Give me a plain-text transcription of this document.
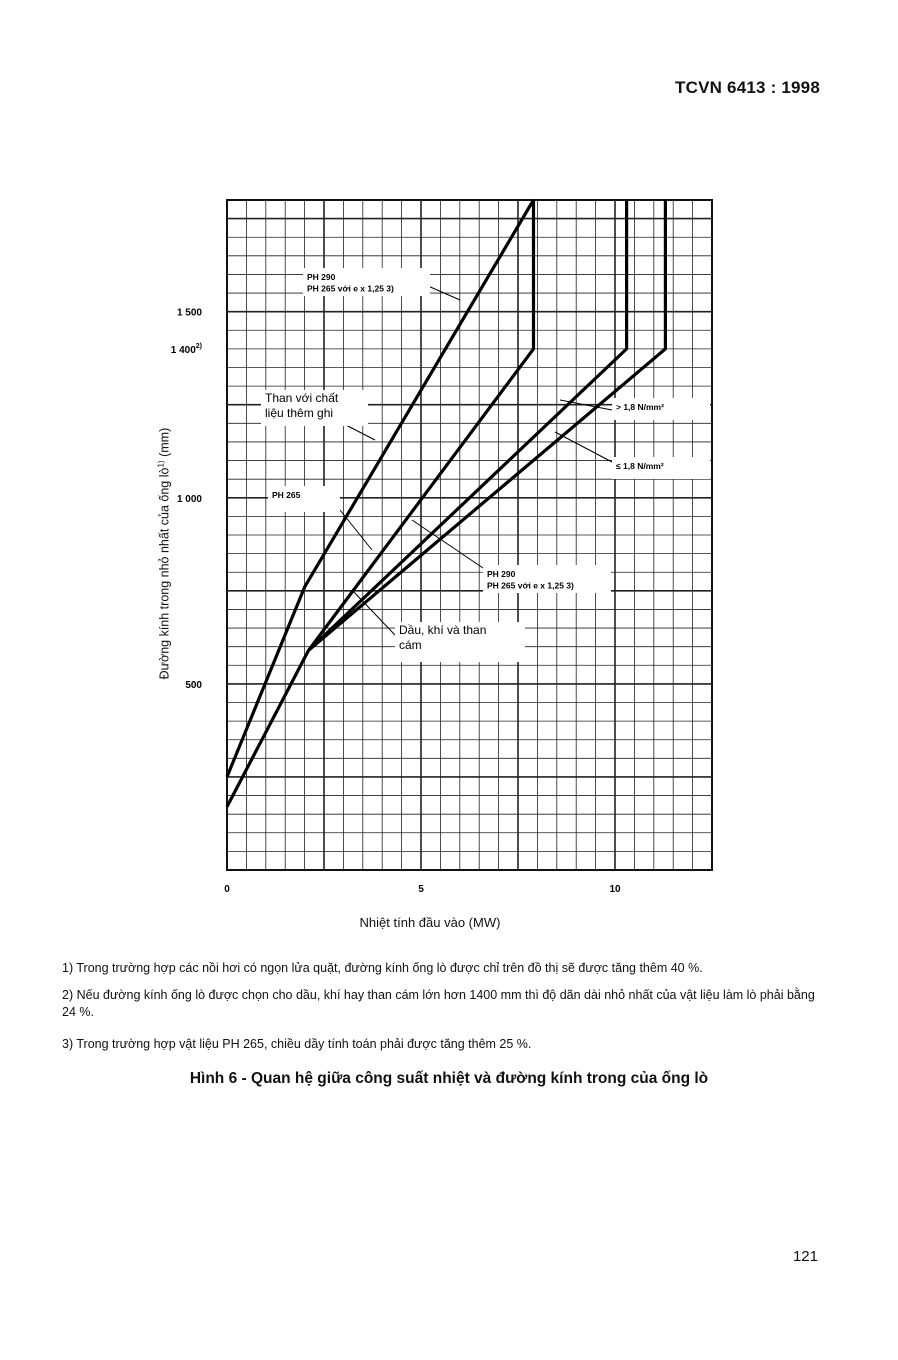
TCVN 6413 : 1998
PH 290
PH 265 với e x 1,25 3)
Than với chất
liệu thêm ghi
PH 265
> 1,8 N/mm²
≤ 1,8 N/mm²
PH 290
PH 265 với e x 1,25 3)
Dầu, khí và than
cám
500
1 000
1 400$^{2)}$
1 500
0	5	10
Nhiệt tính đầu vào (MW)
Đường kính trong nhỏ nhất của ống $lò^{1)}$ (mm)
1) Trong trường hợp các nồi hơi có ngọn lửa quặt, đường kính ống lò được chỉ trên đồ thị sẽ được tăng thêm 40 %.
2) Nếu đường kính ống lò được chọn cho dầu, khí hay than cám lớn hơn 1400 mm thì độ dãn dài nhỏ nhất của vật liệu làm lò phải bằng 24 %.
3) Trong trường hợp vật liệu PH 265, chiều dầy tính toán phải được tăng thêm 25 %.
Hình 6 - Quan hệ giữa công suất nhiệt và đường kính trong của ống lò
121
